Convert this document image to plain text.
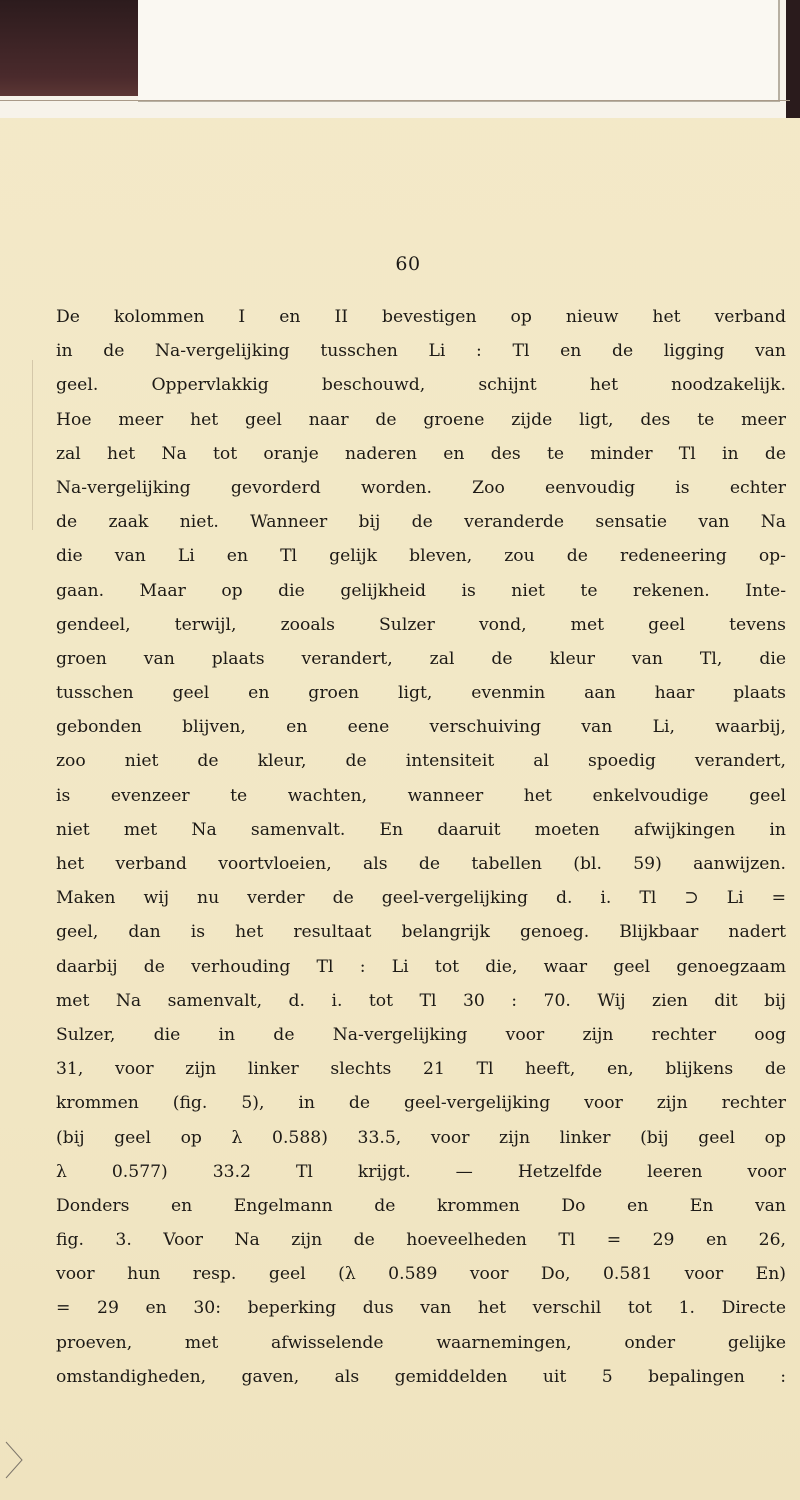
60
De kolommen I en II bevestigen op nieuw het verband
in de Na-vergelijking tusschen Li : Tl en de ligging van
geel. Oppervlakkig beschouwd, schijnt het noodzakelijk.
Hoe meer het geel naar de groene zijde ligt, des te meer
zal het Na tot oranje naderen en des te minder Tl in de
Na-vergelijking gevorderd worden. Zoo eenvoudig is echter
de zaak niet. Wanneer bij de veranderde sensatie van Na
die van Li en Tl gelijk bleven, zou de redeneering op-
gaan. Maar op die gelijkheid is niet te rekenen. Inte-
gendeel, terwijl, zooals Sulzer vond, met geel tevens
groen van plaats verandert, zal de kleur van Tl, die
tusschen geel en groen ligt, evenmin aan haar plaats
gebonden blijven, en eene verschuiving van Li, waarbij,
zoo niet de kleur, de intensiteit al spoedig verandert,
is evenzeer te wachten, wanneer het enkelvoudige geel
niet met Na samenvalt. En daaruit moeten afwijkingen in
het verband voortvloeien, als de tabellen (bl. 59) aanwijzen.
Maken wij nu verder de geel-vergelijking d. i. Tl ⊃ Li =
geel, dan is het resultaat belangrijk genoeg. Blijkbaar nadert
daarbij de verhouding Tl : Li tot die, waar geel genoegzaam
met Na samenvalt, d. i. tot Tl 30 : 70. Wij zien dit bij
Sulzer, die in de Na-vergelijking voor zijn rechter oog
31, voor zijn linker slechts 21 Tl heeft, en, blijkens de
krommen (fig. 5), in de geel-vergelijking voor zijn rechter
(bij geel op λ 0.588) 33.5, voor zijn linker (bij geel op
λ 0.577) 33.2 Tl krijgt. — Hetzelfde leeren voor
Donders en Engelmann de krommen Do en En van
fig. 3. Voor Na zijn de hoeveelheden Tl = 29 en 26,
voor hun resp. geel (λ 0.589 voor Do, 0.581 voor En)
= 29 en 30: beperking dus van het verschil tot 1. Directe
proeven, met afwisselende waarnemingen, onder gelijke
omstandigheden, gaven, als gemiddelden uit 5 bepalingen :
